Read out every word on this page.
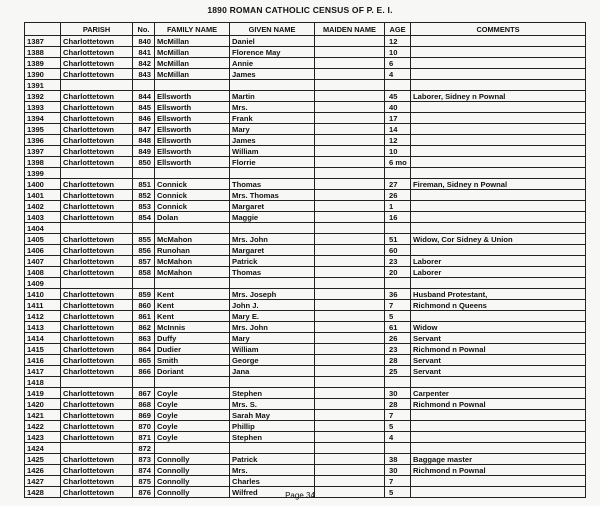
1890 ROMAN CATHOLIC CENSUS OF P. E. I.
	PARISH	No.	FAMILY NAME	GIVEN NAME	MAIDEN NAME	AGE	COMMENTS
1387	Charlottetown	840	McMillan	Daniel		12	
1388	Charlottetown	841	McMillan	Florence May		10	
1389	Charlottetown	842	McMillan	Annie		6	
1390	Charlottetown	843	McMillan	James		4	
1391							
1392	Charlottetown	844	Ellsworth	Martin		45	Laborer, Sidney n Pownal
1393	Charlottetown	845	Ellsworth	Mrs.		40	
1394	Charlottetown	846	Ellsworth	Frank		17	
1395	Charlottetown	847	Ellsworth	Mary		14	
1396	Charlottetown	848	Ellsworth	James		12	
1397	Charlottetown	849	Ellsworth	William		10	
1398	Charlottetown	850	Ellsworth	Florrie		6 mo	
1399							
1400	Charlottetown	851	Connick	Thomas		27	Fireman, Sidney n Pownal
1401	Charlottetown	852	Connick	Mrs. Thomas		26	
1402	Charlottetown	853	Connick	Margaret		1	
1403	Charlottetown	854	Dolan	Maggie		16	
1404							
1405	Charlottetown	855	McMahon	Mrs. John		51	Widow, Cor Sidney & Union
1406	Charlottetown	856	Runohan	Margaret		60	
1407	Charlottetown	857	McMahon	Patrick		23	Laborer
1408	Charlottetown	858	McMahon	Thomas		20	Laborer
1409							
1410	Charlottetown	859	Kent	Mrs. Joseph		36	Husband Protestant,
1411	Charlottetown	860	Kent	John J.		7	Richmond n Queens
1412	Charlottetown	861	Kent	Mary E.		5	
1413	Charlottetown	862	McInnis	Mrs. John		61	Widow
1414	Charlottetown	863	Duffy	Mary		26	Servant
1415	Charlottetown	864	Dudier	William		23	Richmond n Pownal
1416	Charlottetown	865	Smith	George		28	Servant
1417	Charlottetown	866	Doriant	Jana		25	Servant
1418							
1419	Charlottetown	867	Coyle	Stephen		30	Carpenter
1420	Charlottetown	868	Coyle	Mrs. S.		28	Richmond n Pownal
1421	Charlottetown	869	Coyle	Sarah May		7	
1422	Charlottetown	870	Coyle	Phillip		5	
1423	Charlottetown	871	Coyle	Stephen		4	
1424		872					
1425	Charlottetown	873	Connolly	Patrick		38	Baggage master
1426	Charlottetown	874	Connolly	Mrs.		30	Richmond n Pownal
1427	Charlottetown	875	Connolly	Charles		7	
1428	Charlottetown	876	Connolly	Wilfred		5	
Page 34
